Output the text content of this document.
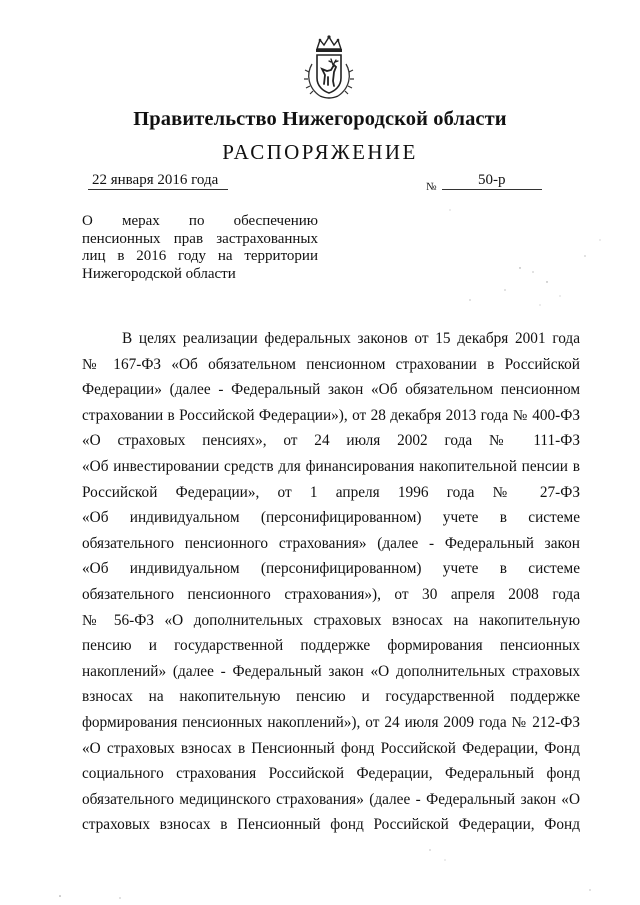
Правительство Нижегородской области
РАСПОРЯЖЕНИЕ
22 января 2016 года	№	50-р
О мерах по обеспечению
пенсионных прав застрахованных
лиц в 2016 году на территории
Нижегородской области
В целях реализации федеральных законов от 15 декабря 2001 года
№ 167-ФЗ «Об обязательном пенсионном страховании в Российской
Федерации» (далее - Федеральный закон «Об обязательном пенсионном
страховании в Российской Федерации»), от 28 декабря 2013 года № 400-ФЗ
«О страховых пенсиях», от 24 июля 2002 года № 111-ФЗ
«Об инвестировании средств для финансирования накопительной пенсии в
Российской Федерации», от 1 апреля 1996 года № 27-ФЗ
«Об индивидуальном (персонифицированном) учете в системе
обязательного пенсионного страхования» (далее - Федеральный закон
«Об индивидуальном (персонифицированном) учете в системе
обязательного пенсионного страхования»), от 30 апреля 2008 года
№ 56-ФЗ «О дополнительных страховых взносах на накопительную
пенсию и государственной поддержке формирования пенсионных
накоплений» (далее - Федеральный закон «О дополнительных страховых
взносах на накопительную пенсию и государственной поддержке
формирования пенсионных накоплений»), от 24 июля 2009 года № 212-ФЗ
«О страховых взносах в Пенсионный фонд Российской Федерации, Фонд
социального страхования Российской Федерации, Федеральный фонд
обязательного медицинского страхования» (далее - Федеральный закон «О
страховых взносах в Пенсионный фонд Российской Федерации, Фонд
